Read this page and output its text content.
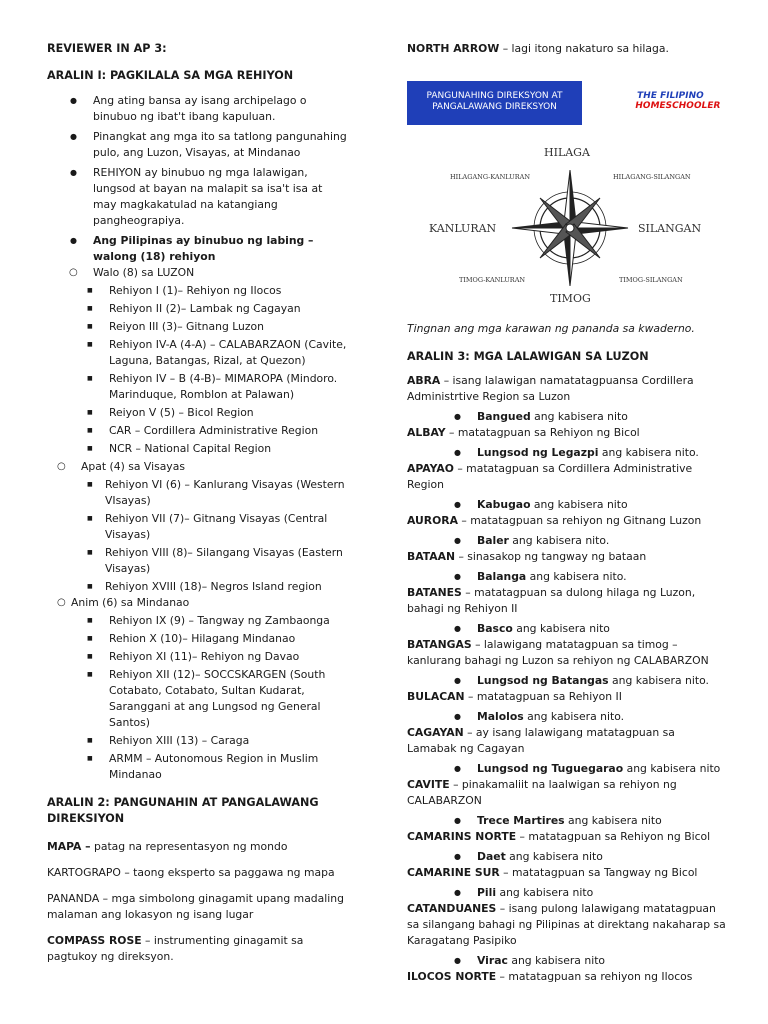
REVIEWER IN AP 3:
ARALIN I: PAGKILALA SA MGA REHIYON
● Ang ating bansa ay isang archipelago o binubuo ng ibat't ibang kapuluan.
● Pinangkat ang mga ito sa tatlong pangunahing pulo, ang Luzon, Visayas, at Mindanao
● REHIYON ay binubuo ng mga lalawigan, lungsod at bayan na malapit sa isa't isa at may magkakatulad na katangiang pangheograpiya.
● Ang Pilipinas ay binubuo ng labing – walong (18) rehiyon
○ Walo (8) sa LUZON
■ Rehiyon I (1)– Rehiyon ng Ilocos
■ Rehiyon II (2)– Lambak ng Cagayan
■ Reiyon III (3)– Gitnang Luzon
■ Rehiyon IV-A (4-A) – CALABARZAON (Cavite, Laguna, Batangas, Rizal, at Quezon)
■ Rehiyon IV – B (4-B)– MIMAROPA (Mindoro. Marinduque, Romblon at Palawan)
■ Reiyon V (5) – Bicol Region
■ CAR – Cordillera Administrative Region
■ NCR – National Capital Region
○ Apat (4) sa Visayas
■ Rehiyon VI (6) – Kanlurang Visayas (Western VIsayas)
■ Rehiyon VII (7)– Gitnang Visayas (Central Visayas)
■ Rehiyon VIII (8)– Silangang Visayas (Eastern Visayas)
■ Rehiyon XVIII (18)– Negros Island region
○ Anim (6) sa Mindanao
■ Rehiyon IX (9) – Tangway ng Zambaonga
■ Rehion X (10)– Hilagang Mindanao
■ Rehiyon XI (11)– Rehiyon ng Davao
■ Rehiyon XII (12)– SOCCSKARGEN (South Cotabato, Cotabato, Sultan Kudarat, Saranggani at ang Lungsod ng General Santos)
■ Rehiyon XIII (13) – Caraga
■ ARMM – Autonomous Region in Muslim Mindanao
ARALIN 2: PANGUNAHIN AT PANGALAWANG DIREKSIYON

MAPA – patag na representasyon ng mondo

KARTOGRAPO – taong eksperto sa paggawa ng mapa

PANANDA – mga simbolong ginagamit upang madaling malaman ang lokasyon ng isang lugar

COMPASS ROSE – instrumenting ginagamit sa pagtukoy ng direksyon.

NORTH ARROW – lagi itong nakaturo sa hilaga.

PANGUNAHING DIREKSYON AT PANGALAWANG DIREKSYON
THE FILIPINO
HOMESCHOOLER
HILAGA
TIMOG
KANLURAN	SILANGAN
HILAGANG-KANLURAN	HILAGANG-SILANGAN
TIMOG-KANLURAN	TIMOG-SILANGAN

Tingnan ang mga karawan ng pananda sa kwaderno.

ARALIN 3: MGA LALAWIGAN SA LUZON

ABRA – isang lalawigan namatatagpuansa Cordillera Administrtive Region sa Luzon

● Bangued ang kabisera nito

ALBAY – matatagpuan sa Rehiyon ng Bicol

● Lungsod ng Legazpi ang kabisera nito.

APAYAO – matatagpuan sa Cordillera Administrative Region

● Kabugao ang kabisera nito

AURORA – matatagpuan sa rehiyon ng Gitnang Luzon

● Baler ang kabisera nito.

BATAAN – sinasakop ng tangway ng bataan

● Balanga ang kabisera nito.

BATANES – matatagpuan sa dulong hilaga ng Luzon, bahagi ng Rehiyon II

● Basco ang kabisera nito

BATANGAS – lalawigang matatagpuan sa timog – kanlurang bahagi ng Luzon sa rehiyon ng CALABARZON

● Lungsod ng Batangas ang kabisera nito.

BULACAN – matatagpuan sa Rehiyon II

● Malolos ang kabisera nito.

CAGAYAN – ay isang lalawigang matatagpuan sa Lamabak ng Cagayan

● Lungsod ng Tuguegarao ang kabisera nito

CAVITE – pinakamaliit na laalwigan sa rehiyon ng CALABARZON

● Trece Martires ang kabisera nito

CAMARINS NORTE – matatagpuan sa Rehiyon ng Bicol

● Daet ang kabisera nito

CAMARINE SUR – matatagpuan sa Tangway ng Bicol

● Pili ang kabisera nito

CATANDUANES – isang pulong lalawigang matatagpuan sa silangang bahagi ng Pilipinas at direktang nakaharap sa Karagatang Pasipiko

● Virac ang kabisera nito

ILOCOS NORTE – matatagpuan sa rehiyon ng Ilocos
